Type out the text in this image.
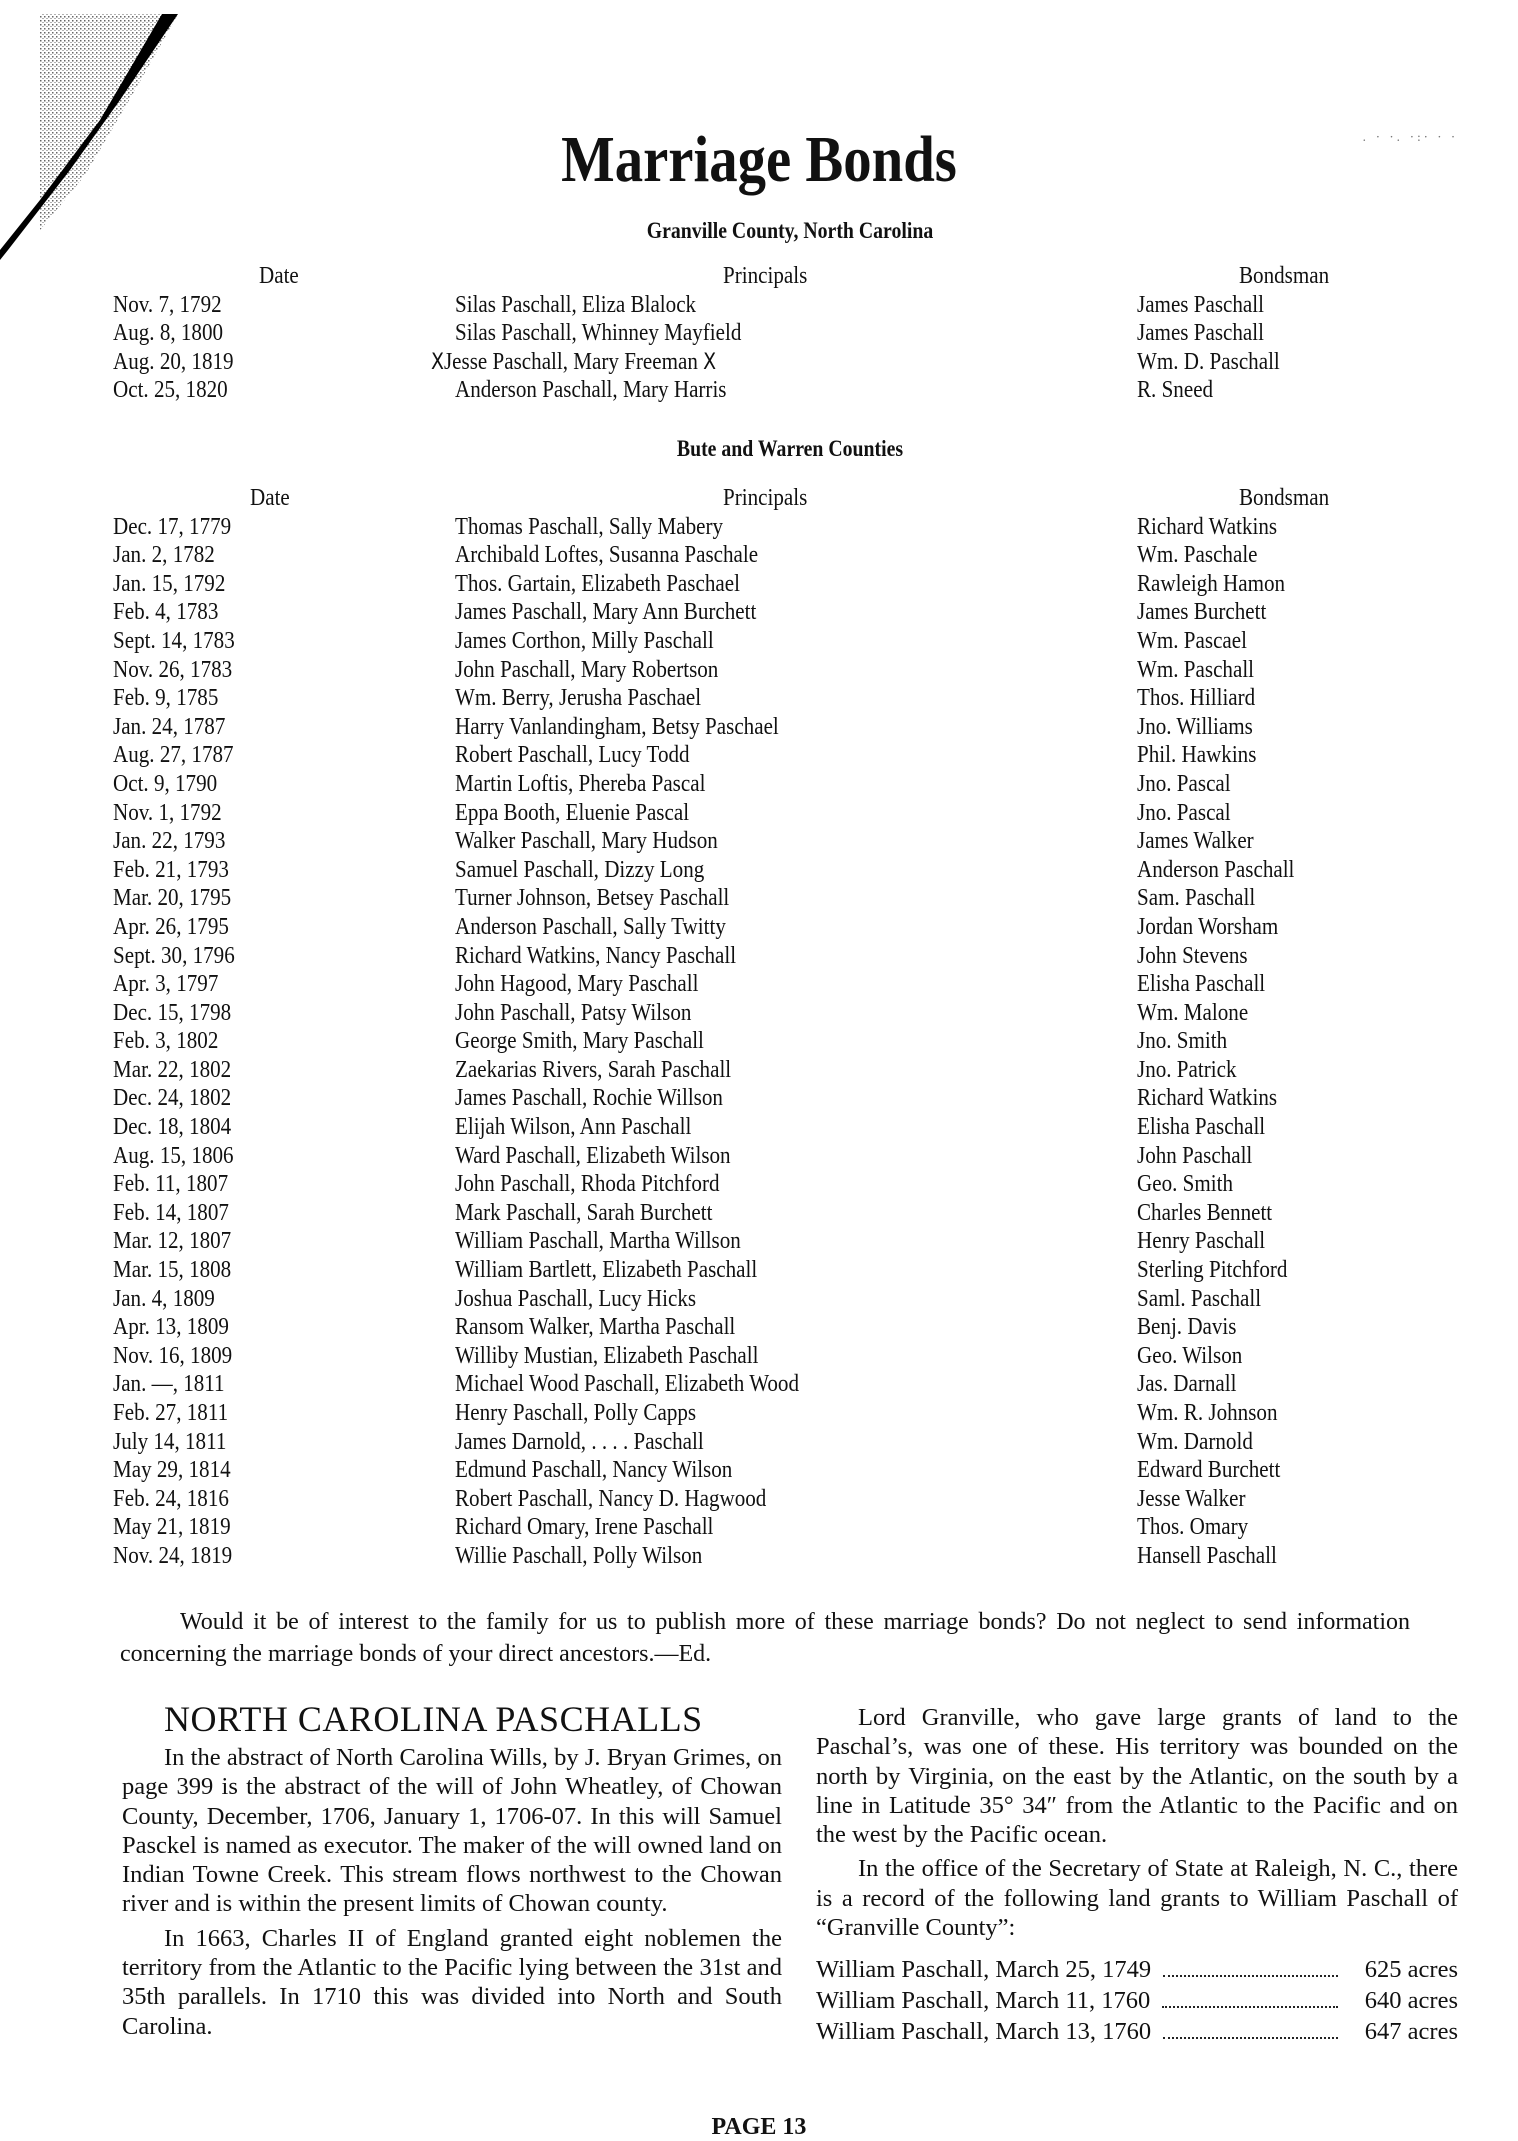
. · ·. ·:· · ·
Marriage Bonds
Granville County, North Carolina
Date	Principals	Bondsman
Nov. 7, 1792	Silas Paschall, Eliza Blalock	James Paschall
Aug. 8, 1800	Silas Paschall, Whinney Mayfield	James Paschall
Aug. 20, 1819	XJesse Paschall, Mary Freeman X	Wm. D. Paschall
Oct. 25, 1820	Anderson Paschall, Mary Harris	R. Sneed
Bute and Warren Counties
Date	Principals	Bondsman
Dec. 17, 1779	Thomas Paschall, Sally Mabery	Richard Watkins
Jan. 2, 1782	Archibald Loftes, Susanna Paschale	Wm. Paschale
Jan. 15, 1792	Thos. Gartain, Elizabeth Paschael	Rawleigh Hamon
Feb. 4, 1783	James Paschall, Mary Ann Burchett	James Burchett
Sept. 14, 1783	James Corthon, Milly Paschall	Wm. Pascael
Nov. 26, 1783	John Paschall, Mary Robertson	Wm. Paschall
Feb. 9, 1785	Wm. Berry, Jerusha Paschael	Thos. Hilliard
Jan. 24, 1787	Harry Vanlandingham, Betsy Paschael	Jno. Williams
Aug. 27, 1787	Robert Paschall, Lucy Todd	Phil. Hawkins
Oct. 9, 1790	Martin Loftis, Phereba Pascal	Jno. Pascal
Nov. 1, 1792	Eppa Booth, Eluenie Pascal	Jno. Pascal
Jan. 22, 1793	Walker Paschall, Mary Hudson	James Walker
Feb. 21, 1793	Samuel Paschall, Dizzy Long	Anderson Paschall
Mar. 20, 1795	Turner Johnson, Betsey Paschall	Sam. Paschall
Apr. 26, 1795	Anderson Paschall, Sally Twitty	Jordan Worsham
Sept. 30, 1796	Richard Watkins, Nancy Paschall	John Stevens
Apr. 3, 1797	John Hagood, Mary Paschall	Elisha Paschall
Dec. 15, 1798	John Paschall, Patsy Wilson	Wm. Malone
Feb. 3, 1802	George Smith, Mary Paschall	Jno. Smith
Mar. 22, 1802	Zaekarias Rivers, Sarah Paschall	Jno. Patrick
Dec. 24, 1802	James Paschall, Rochie Willson	Richard Watkins
Dec. 18, 1804	Elijah Wilson, Ann Paschall	Elisha Paschall
Aug. 15, 1806	Ward Paschall, Elizabeth Wilson	John Paschall
Feb. 11, 1807	John Paschall, Rhoda Pitchford	Geo. Smith
Feb. 14, 1807	Mark Paschall, Sarah Burchett	Charles Bennett
Mar. 12, 1807	William Paschall, Martha Willson	Henry Paschall
Mar. 15, 1808	William Bartlett, Elizabeth Paschall	Sterling Pitchford
Jan. 4, 1809	Joshua Paschall, Lucy Hicks	Saml. Paschall
Apr. 13, 1809	Ransom Walker, Martha Paschall	Benj. Davis
Nov. 16, 1809	Williby Mustian, Elizabeth Paschall	Geo. Wilson
Jan. —, 1811	Michael Wood Paschall, Elizabeth Wood	Jas. Darnall
Feb. 27, 1811	Henry Paschall, Polly Capps	Wm. R. Johnson
July 14, 1811	James Darnold, . . . . Paschall	Wm. Darnold
May 29, 1814	Edmund Paschall, Nancy Wilson	Edward Burchett
Feb. 24, 1816	Robert Paschall, Nancy D. Hagwood	Jesse Walker
May 21, 1819	Richard Omary, Irene Paschall	Thos. Omary
Nov. 24, 1819	Willie Paschall, Polly Wilson	Hansell Paschall

Would it be of interest to the family for us to publish more of these marriage bonds? Do not neglect to send information concerning the marriage bonds of your direct ancestors.—Ed.

NORTH CAROLINA PASCHALLS

In the abstract of North Carolina Wills, by J. Bryan Grimes, on page 399 is the abstract of the will of John Wheatley, of Chowan County, December, 1706, January 1, 1706-07. In this will Samuel Pasckel is named as executor. The maker of the will owned land on Indian Towne Creek. This stream flows northwest to the Chowan river and is within the present limits of Chowan county.

In 1663, Charles II of England granted eight noblemen the territory from the Atlantic to the Pacific lying between the 31st and 35th parallels. In 1710 this was divided into North and South Carolina.

Lord Granville, who gave large grants of land to the Paschal’s, was one of these. His territory was bounded on the north by Virginia, on the east by the Atlantic, on the south by a line in Latitude 35° 34″ from the Atlantic to the Pacific and on the west by the Pacific ocean.

In the office of the Secretary of State at Raleigh, N. C., there is a record of the following land grants to William Paschall of “Granville County”:

William Paschall, March 25, 1749	625 acres
William Paschall, March 11, 1760	640 acres
William Paschall, March 13, 1760	647 acres
PAGE 13
